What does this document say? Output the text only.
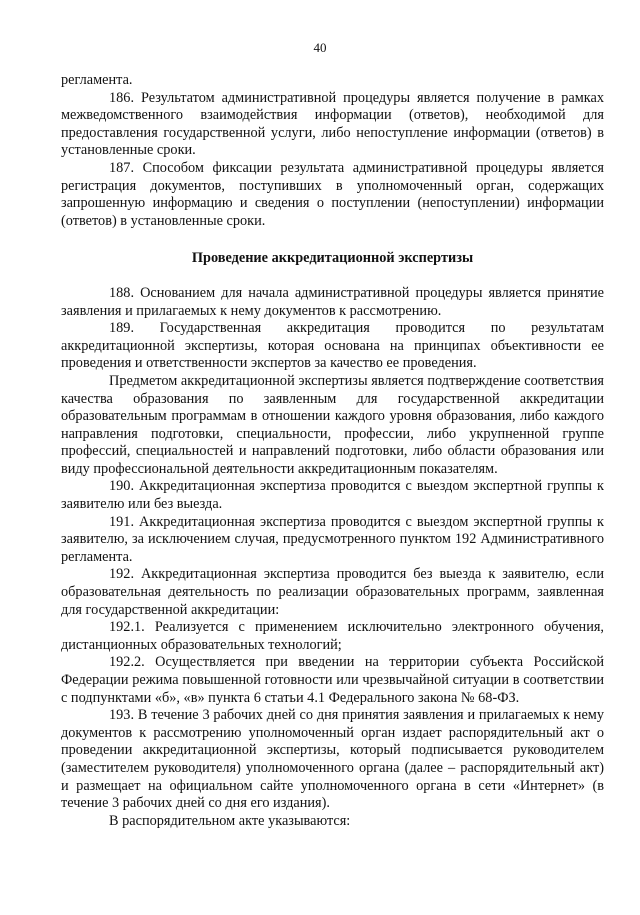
40

регламента.

186. Результатом административной процедуры является получение в рамках межведомственного взаимодействия информации (ответов), необходимой для предоставления государственной услуги, либо непоступление информации (ответов) в установленные сроки.

187. Способом фиксации результата административной процедуры является регистрация документов, поступивших в уполномоченный орган, содержащих запрошенную информацию и сведения о поступлении (непоступлении) информации (ответов) в установленные сроки.

Проведение аккредитационной экспертизы

188. Основанием для начала административной процедуры является принятие заявления и прилагаемых к нему документов к рассмотрению.

189. Государственная аккредитация проводится по результатам аккредитационной экспертизы, которая основана на принципах объективности ее проведения и ответственности экспертов за качество ее проведения.

Предметом аккредитационной экспертизы является подтверждение соответствия качества образования по заявленным для государственной аккредитации образовательным программам в отношении каждого уровня образования, либо каждого направления подготовки, специальности, профессии, либо укрупненной группе профессий, специальностей и направлений подготовки, либо области образования или виду профессиональной деятельности аккредитационным показателям.

190. Аккредитационная экспертиза проводится с выездом экспертной группы к заявителю или без выезда.

191. Аккредитационная экспертиза проводится с выездом экспертной группы к заявителю, за исключением случая, предусмотренного пунктом 192 Административного регламента.

192. Аккредитационная экспертиза проводится без выезда к заявителю, если образовательная деятельность по реализации образовательных программ, заявленная для государственной аккредитации:

192.1. Реализуется с применением исключительно электронного обучения, дистанционных образовательных технологий;

192.2. Осуществляется при введении на территории субъекта Российской Федерации режима повышенной готовности или чрезвычайной ситуации в соответствии с подпунктами «б», «в» пункта 6 статьи 4.1 Федерального закона № 68-ФЗ.

193. В течение 3 рабочих дней со дня принятия заявления и прилагаемых к нему документов к рассмотрению уполномоченный орган издает распорядительный акт о проведении аккредитационной экспертизы, который подписывается руководителем (заместителем руководителя) уполномоченного органа (далее – распорядительный акт) и размещает на официальном сайте уполномоченного органа в сети «Интернет» (в течение 3 рабочих дней со дня его издания).

В распорядительном акте указываются:
